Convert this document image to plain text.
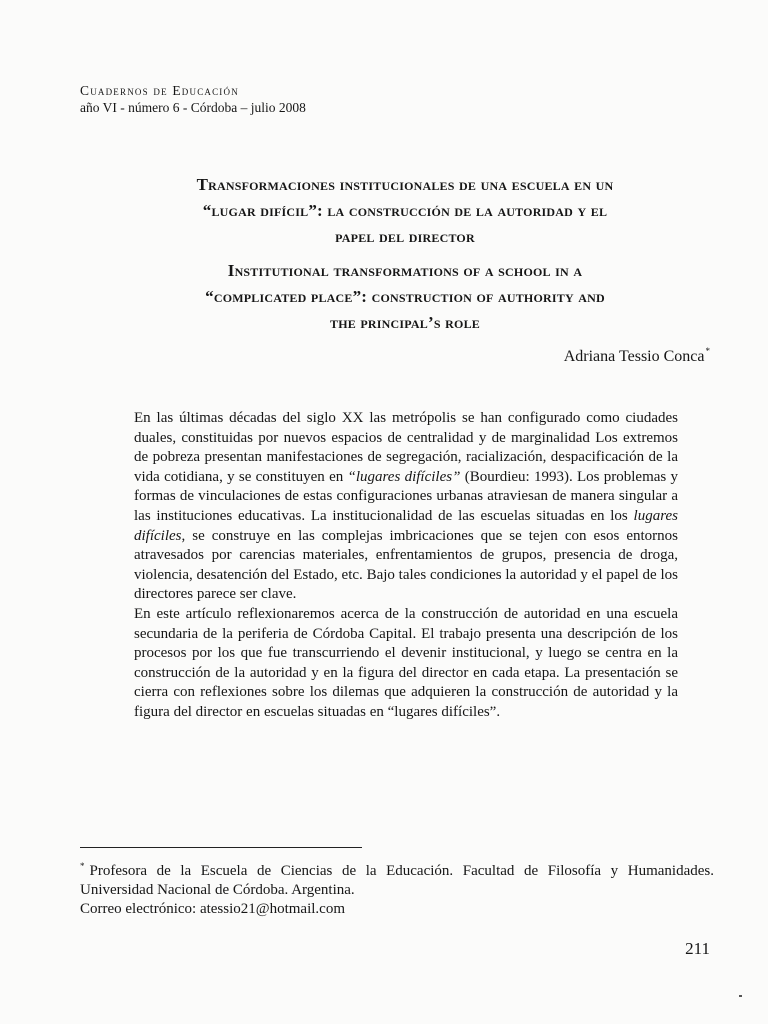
Cuadernos de Educación
año VI - número 6 - Córdoba – julio 2008
Transformaciones institucionales de una escuela en un
“lugar difícil”: la construcción de la autoridad y el
papel del director
Institutional transformations of a school in a
“complicated place”: construction of authority and
the principal’s role
Adriana Tessio Conca*

En las últimas décadas del siglo XX las metrópolis se han configurado como ciudades duales, constituidas por nuevos espacios de centralidad y de marginalidad Los extremos de pobreza presentan manifestaciones de segregación, racialización, despacificación de la vida cotidiana, y se constituyen en “lugares difíciles” (Bourdieu: 1993). Los problemas y formas de vinculaciones de estas configuraciones urbanas atraviesan de manera singular a las instituciones educativas. La institucionalidad de las escuelas situadas en los lugares difíciles, se construye en las complejas imbricaciones que se tejen con esos entornos atravesados por carencias materiales, enfrentamientos de grupos, presencia de droga, violencia, desatención del Estado, etc. Bajo tales condiciones la autoridad y el papel de los directores parece ser clave.

En este artículo reflexionaremos acerca de la construcción de autoridad en una escuela secundaria de la periferia de Córdoba Capital. El trabajo presenta una descripción de los procesos por los que fue transcurriendo el devenir institucional, y luego se centra en la construcción de la autoridad y en la figura del director en cada etapa. La presentación se cierra con reflexiones sobre los dilemas que adquieren la construcción de autoridad y la figura del director en escuelas situadas en “lugares difíciles”.

* Profesora de la Escuela de Ciencias de la Educación. Facultad de Filosofía y Humanidades. Universidad Nacional de Córdoba. Argentina.
Correo electrónico: atessio21@hotmail.com
211
